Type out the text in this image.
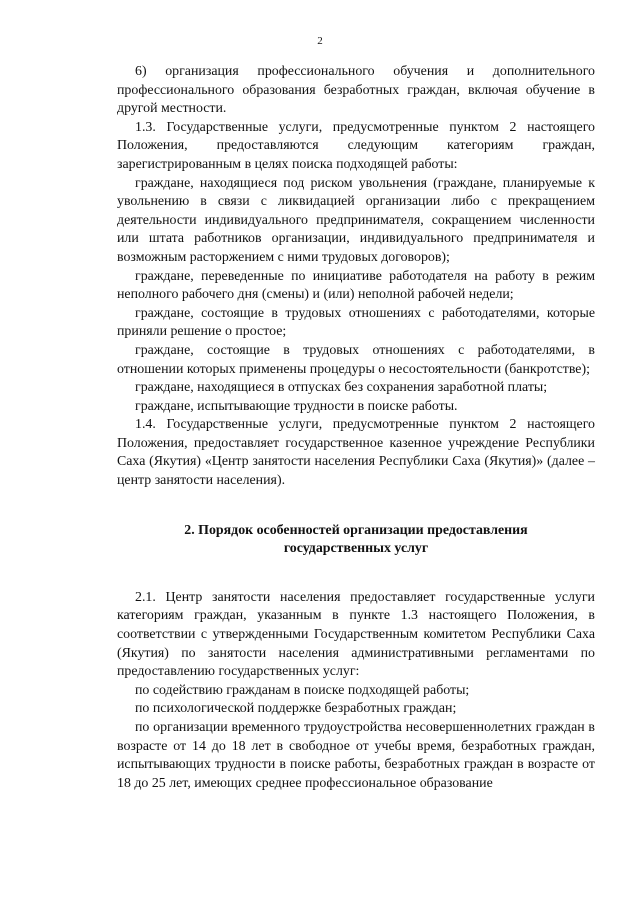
2

6) организация профессионального обучения и дополнительного профессионального образования безработных граждан, включая обучение в другой местности.

1.3. Государственные услуги, предусмотренные пунктом 2 настоящего Положения, предоставляются следующим категориям граждан, зарегистрированным в целях поиска подходящей работы:

граждане, находящиеся под риском увольнения (граждане, планируемые к увольнению в связи с ликвидацией организации либо с прекращением деятельности индивидуального предпринимателя, сокращением численности или штата работников организации, индивидуального предпринимателя и возможным расторжением с ними трудовых договоров);

граждане, переведенные по инициативе работодателя на работу в режим неполного рабочего дня (смены) и (или) неполной рабочей недели;

граждане, состоящие в трудовых отношениях с работодателями, которые приняли решение о простое;

граждане, состоящие в трудовых отношениях с работодателями, в отношении которых применены процедуры о несостоятельности (банкротстве);

граждане, находящиеся в отпусках без сохранения заработной платы;

граждане, испытывающие трудности в поиске работы.

1.4. Государственные услуги, предусмотренные пунктом 2 настоящего Положения, предоставляет государственное казенное учреждение Республики Саха (Якутия) «Центр занятости населения Республики Саха (Якутия)» (далее – центр занятости населения).

2. Порядок особенностей организации предоставления
государственных услуг

2.1. Центр занятости населения предоставляет государственные услуги категориям граждан, указанным в пункте 1.3 настоящего Положения, в соответствии с утвержденными Государственным комитетом Республики Саха (Якутия) по занятости населения административными регламентами по предоставлению государственных услуг:

по содействию гражданам в поиске подходящей работы;

по психологической поддержке безработных граждан;

по организации временного трудоустройства несовершеннолетних граждан в возрасте от 14 до 18 лет в свободное от учебы время, безработных граждан, испытывающих трудности в поиске работы, безработных граждан в возрасте от 18 до 25 лет, имеющих среднее профессиональное образование
